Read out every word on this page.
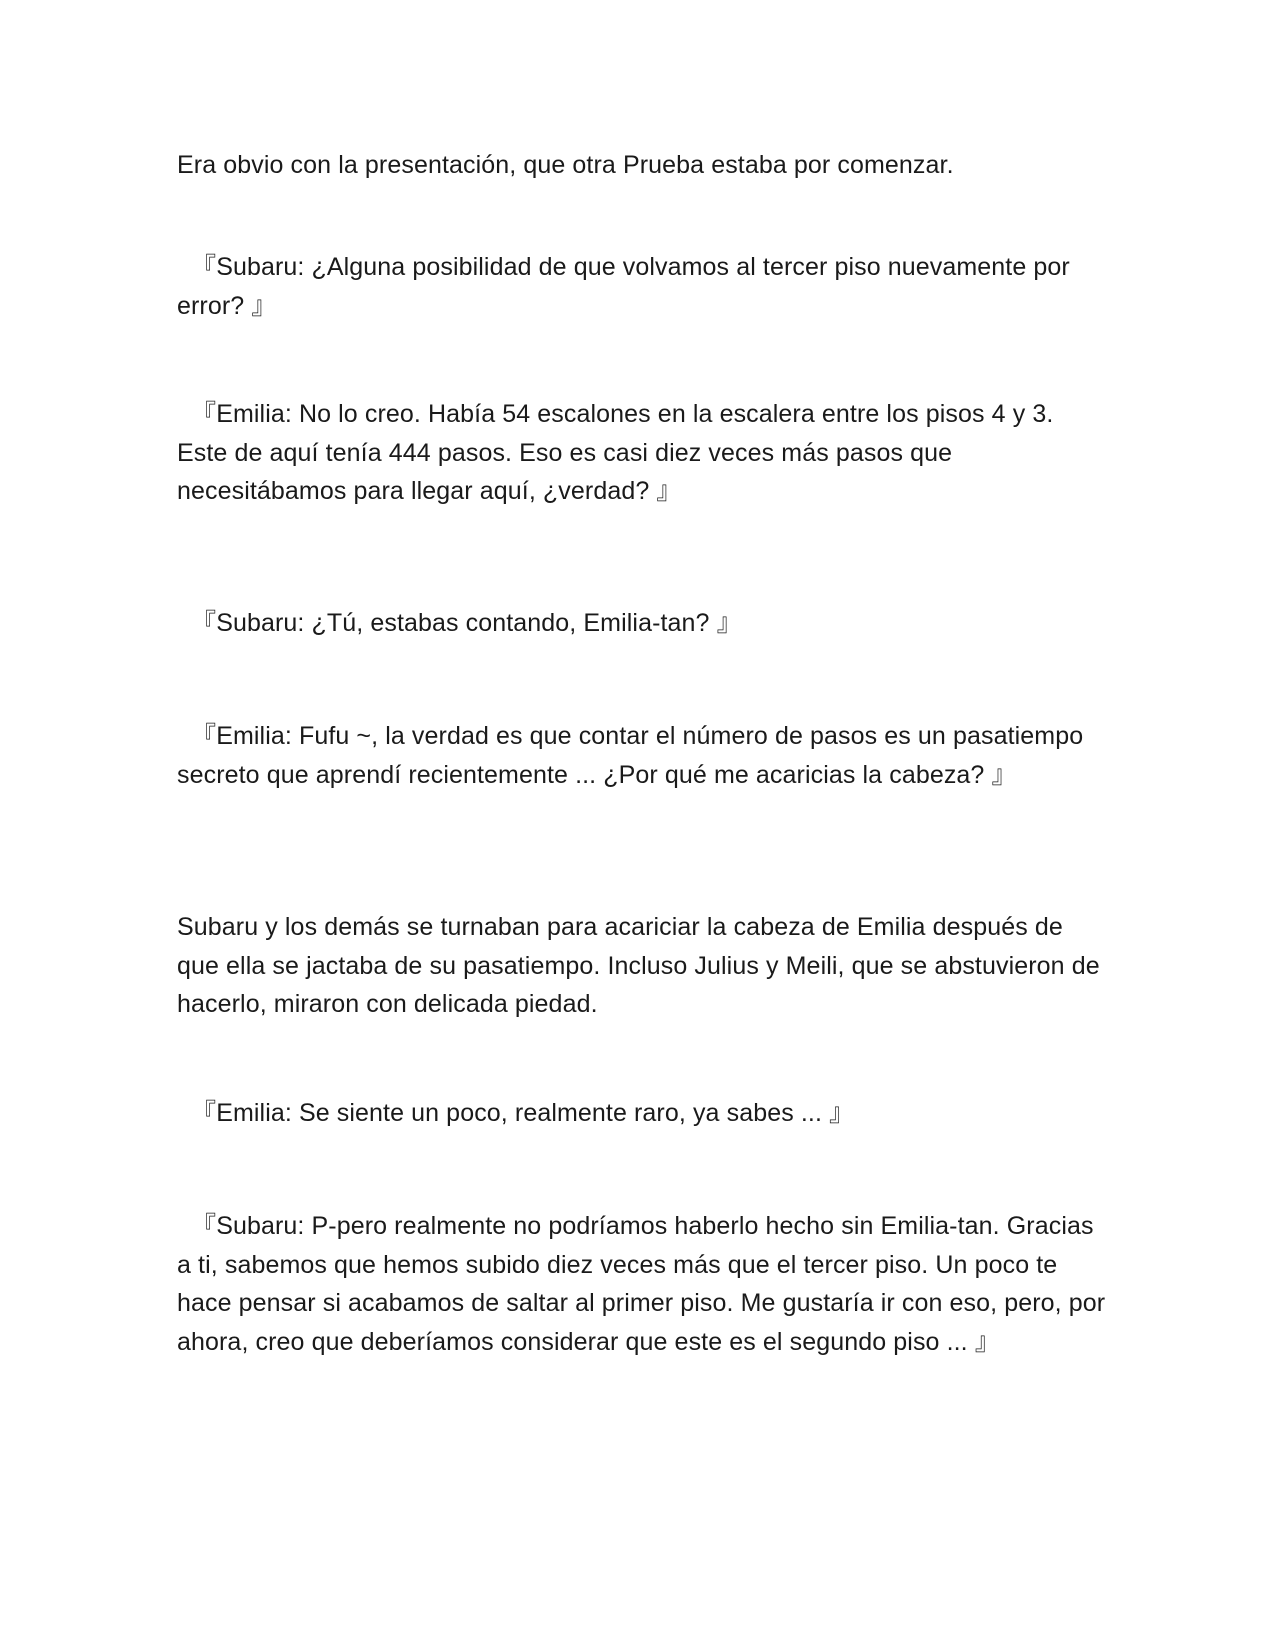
Era obvio con la presentación, que otra Prueba estaba por comenzar.

『Subaru: ¿Alguna posibilidad de que volvamos al tercer piso nuevamente por error? 』

『Emilia: No lo creo. Había 54 escalones en la escalera entre los pisos 4 y 3. Este de aquí tenía 444 pasos. Eso es casi diez veces más pasos que necesitábamos para llegar aquí, ¿verdad? 』

『Subaru: ¿Tú, estabas contando, Emilia-tan? 』

『Emilia: Fufu ~, la verdad es que contar el número de pasos es un pasatiempo secreto que aprendí recientemente ... ¿Por qué me acaricias la cabeza? 』

Subaru y los demás se turnaban para acariciar la cabeza de Emilia después de que ella se jactaba de su pasatiempo. Incluso Julius y Meili, que se abstuvieron de hacerlo, miraron con delicada piedad.

『Emilia: Se siente un poco, realmente raro, ya sabes ... 』

『Subaru: P-pero realmente no podríamos haberlo hecho sin Emilia-tan. Gracias a ti, sabemos que hemos subido diez veces más que el tercer piso. Un poco te hace pensar si acabamos de saltar al primer piso. Me gustaría ir con eso, pero, por ahora, creo que deberíamos considerar que este es el segundo piso ... 』
